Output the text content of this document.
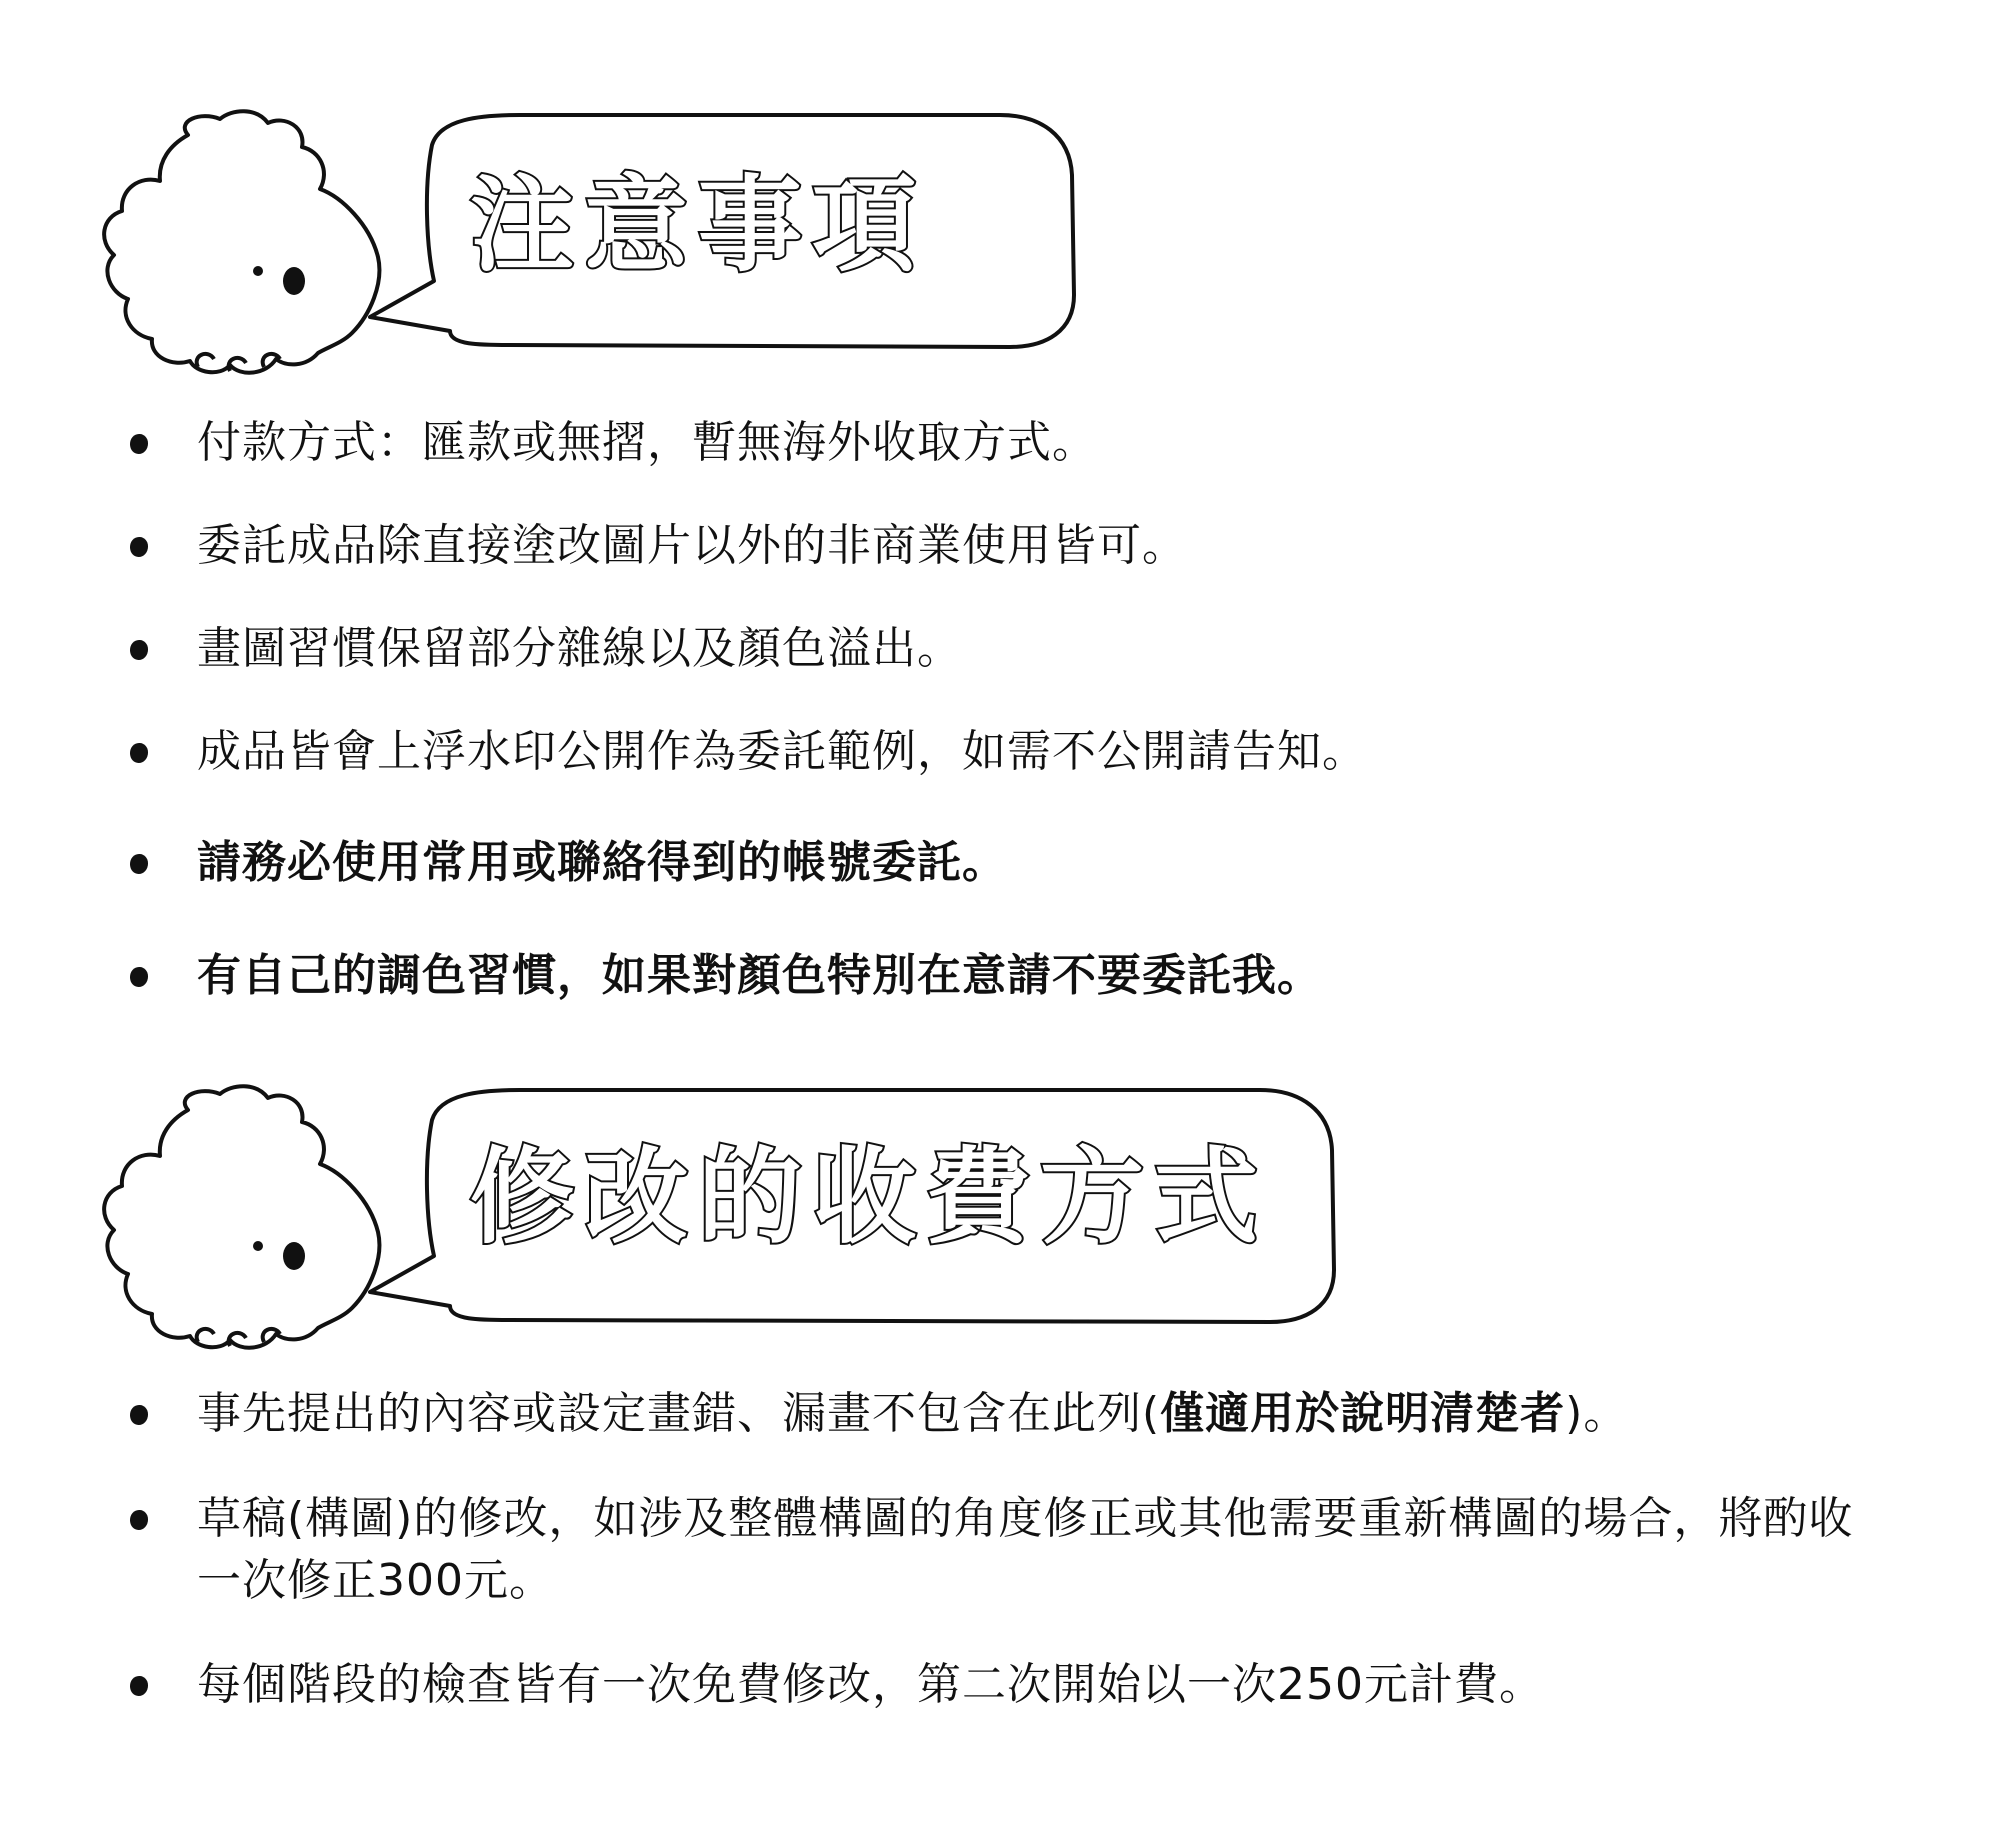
注意事項
付款方式：匯款或無摺，暫無海外收取方式。
委託成品除直接塗改圖片以外的非商業使用皆可。
畫圖習慣保留部分雜線以及顏色溢出。
成品皆會上浮水印公開作為委託範例，如需不公開請告知。
請務必使用常用或聯絡得到的帳號委託。
有自己的調色習慣，如果對顏色特別在意請不要委託我。
修改的收費方式
事先提出的內容或設定畫錯、漏畫不包含在此列(僅適用於說明清楚者)。
草稿(構圖)的修改，如涉及整體構圖的角度修正或其他需要重新構圖的場合，將酌收一次修正300元。
每個階段的檢查皆有一次免費修改，第二次開始以一次250元計費。
